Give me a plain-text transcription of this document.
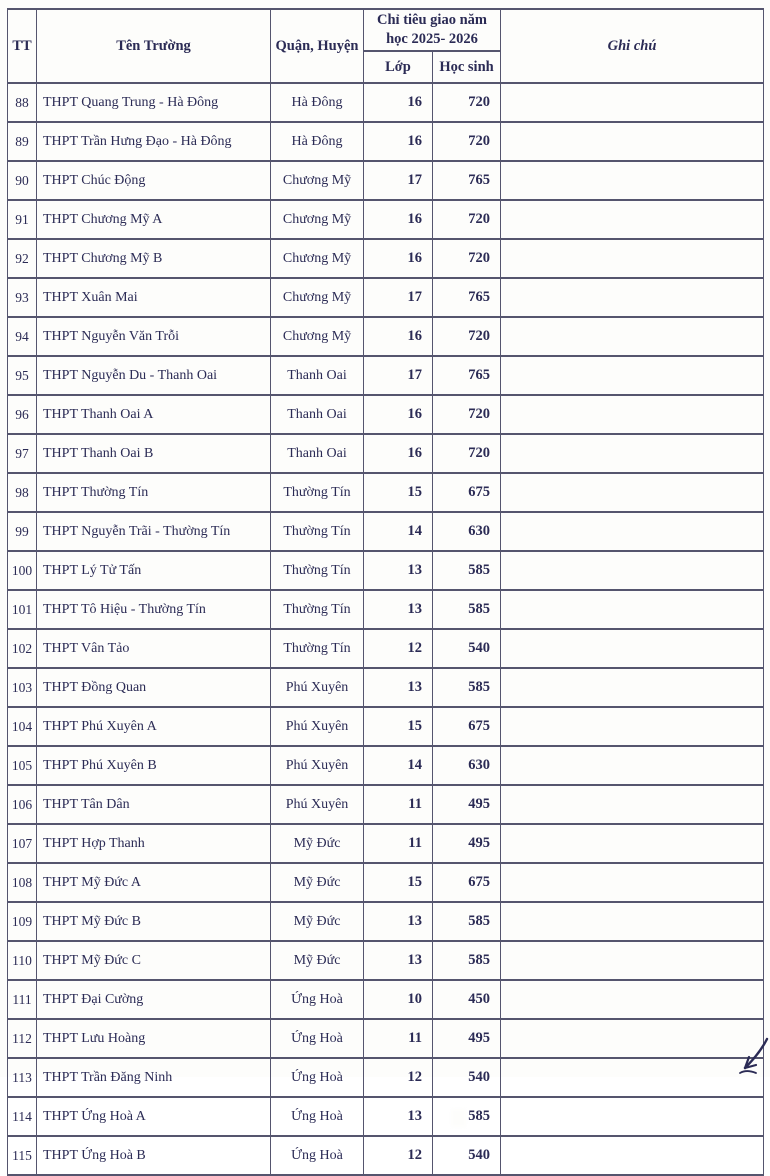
TT	Tên Trường	Quận, Huyện	Chỉ tiêu giao năm học 2025- 2026		Ghi chú
			Lớp	Học sinh	
88	THPT Quang Trung - Hà Đông	Hà Đông	16	720	
89	THPT Trần Hưng Đạo - Hà Đông	Hà Đông	16	720	
90	THPT Chúc Động	Chương Mỹ	17	765	
91	THPT Chương Mỹ A	Chương Mỹ	16	720	
92	THPT Chương Mỹ B	Chương Mỹ	16	720	
93	THPT Xuân Mai	Chương Mỹ	17	765	
94	THPT Nguyễn Văn Trỗi	Chương Mỹ	16	720	
95	THPT Nguyễn Du - Thanh Oai	Thanh Oai	17	765	
96	THPT Thanh Oai A	Thanh Oai	16	720	
97	THPT Thanh Oai B	Thanh Oai	16	720	
98	THPT Thường Tín	Thường Tín	15	675	
99	THPT Nguyễn Trãi - Thường Tín	Thường Tín	14	630	
100	THPT Lý Tử Tấn	Thường Tín	13	585	
101	THPT Tô Hiệu - Thường Tín	Thường Tín	13	585	
102	THPT Vân Tảo	Thường Tín	12	540	
103	THPT Đồng Quan	Phú Xuyên	13	585	
104	THPT Phú Xuyên A	Phú Xuyên	15	675	
105	THPT Phú Xuyên B	Phú Xuyên	14	630	
106	THPT Tân Dân	Phú Xuyên	11	495	
107	THPT Hợp Thanh	Mỹ Đức	11	495	
108	THPT Mỹ Đức A	Mỹ Đức	15	675	
109	THPT Mỹ Đức B	Mỹ Đức	13	585	
110	THPT Mỹ Đức C	Mỹ Đức	13	585	
111	THPT Đại Cường	Ứng Hoà	10	450	
112	THPT Lưu Hoàng	Ứng Hoà	11	495	
113	THPT Trần Đăng Ninh	Ứng Hoà	12	540	
114	THPT Ứng Hoà A	Ứng Hoà	13	585

115	THPT Ứng Hoà B	Ứng Hoà	12	540	
